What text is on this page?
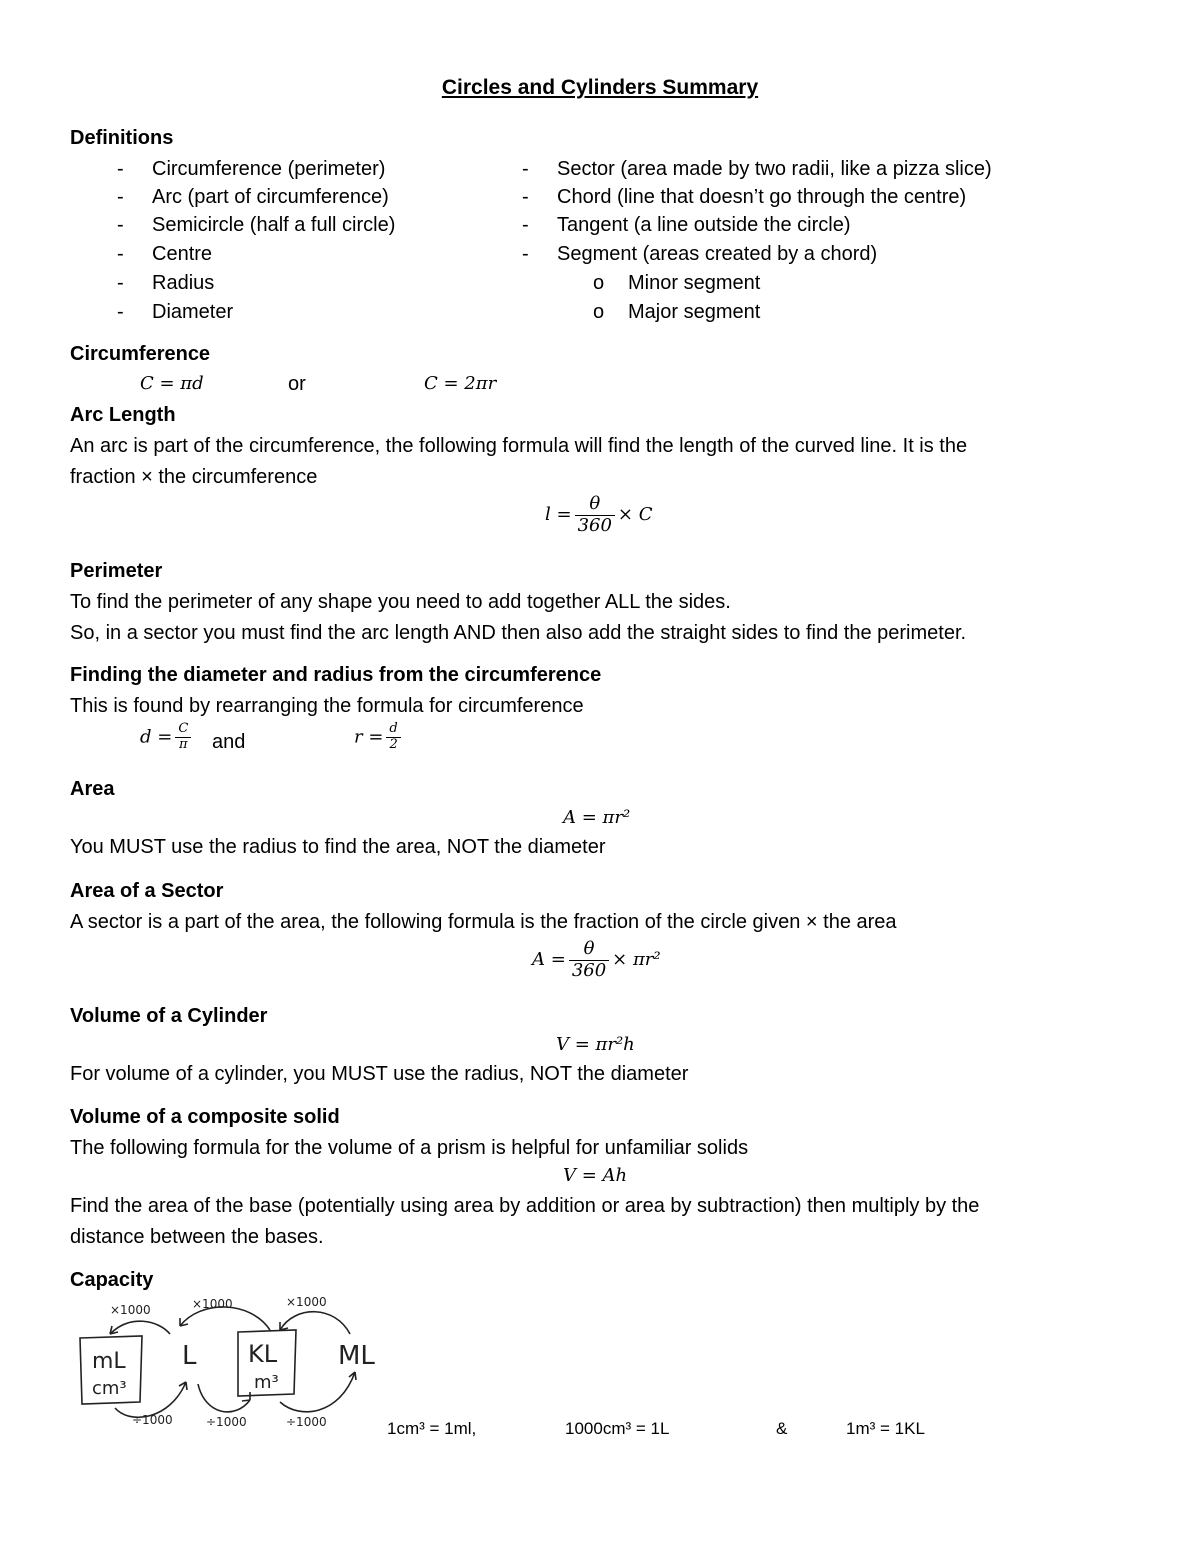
Circles and Cylinders Summary
Definitions
- Circumference (perimeter)
- Arc (part of circumference)
- Semicircle (half a full circle)
- Centre
- Radius
- Diameter
- Sector (area made by two radii, like a pizza slice)
- Chord (line that doesn’t go through the centre)
- Tangent (a line outside the circle)
- Segment (areas created by a chord)
o Minor segment
o Major segment
Circumference
C = πd	or	C = 2πr
Arc Length
An arc is part of the circumference, the following formula will find the length of the curved line. It is the
fraction × the circumference
$l = \frac{\theta}{360} \times C$
Perimeter
To find the perimeter of any shape you need to add together ALL the sides.
So, in a sector you must find the arc length AND then also add the straight sides to find the perimeter.
Finding the diameter and radius from the circumference
This is found by rearranging the formula for circumference
$d = \frac{C}{\pi}$ and	$r = \frac{d}{2}$
Area
A = πr²
You MUST use the radius to find the area, NOT the diameter
Area of a Sector
A sector is a part of the area, the following formula is the fraction of the circle given × the area
$A = \frac{\theta}{360} \times \pi r^2$
Volume of a Cylinder
V = πr²h
For volume of a cylinder, you MUST use the radius, NOT the diameter
Volume of a composite solid
The following formula for the volume of a prism is helpful for unfamiliar solids
V = Ah
Find the area of the base (potentially using area by addition or area by subtraction) then multiply by the
distance between the bases.
Capacity
mL
cm³
L KL
m³
ML
×1000	×1000	×1000
÷1000	÷1000	÷1000	1cm³ = 1ml,	1000cm³ = 1L	&	1m³ = 1KL
